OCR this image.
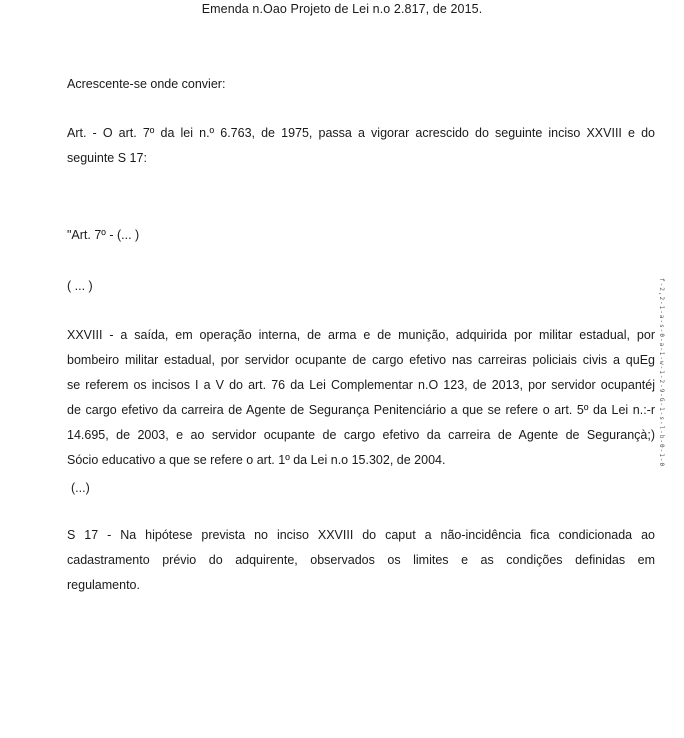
Emenda n.Oao Projeto de Lei n.o 2.817, de 2015.
Acrescente-se onde convier:
Art. - O art. 7º da lei n.º 6.763, de 1975, passa a vigorar acrescido do seguinte inciso XXVIII e do
seguinte S 17:
"Art. 7º - (... )
( ... )
XXVIII - a saída, em operação interna, de arma e de munição, adquirida por militar estadual, por
bombeiro militar estadual, por servidor ocupante de cargo efetivo nas carreiras policiais civis a quEg
se referem os incisos I a V do art. 76 da Lei Complementar n.O 123, de 2013, por servidor ocupantéj
de cargo efetivo da carreira de Agente de Segurança Penitenciário a que se refere o art. 5º da Lei n.:-r
14.695, de 2003, e ao servidor ocupante de cargo efetivo da carreira de Agente de Segurançà;)
Sócio educativo a que se refere o art. 1º da Lei n.o 15.302, de 2004.
(...)
S 17 - Na hipótese prevista no inciso XXVIII do caput a não-incidência fica condicionada ao
cadastramento prévio do adquirente, observados os limites e as condições definidas em
regulamento.
f-2,2-1-a-s-0-a-1-w-1-2-9-G-1-s-l-b-0-1-0
